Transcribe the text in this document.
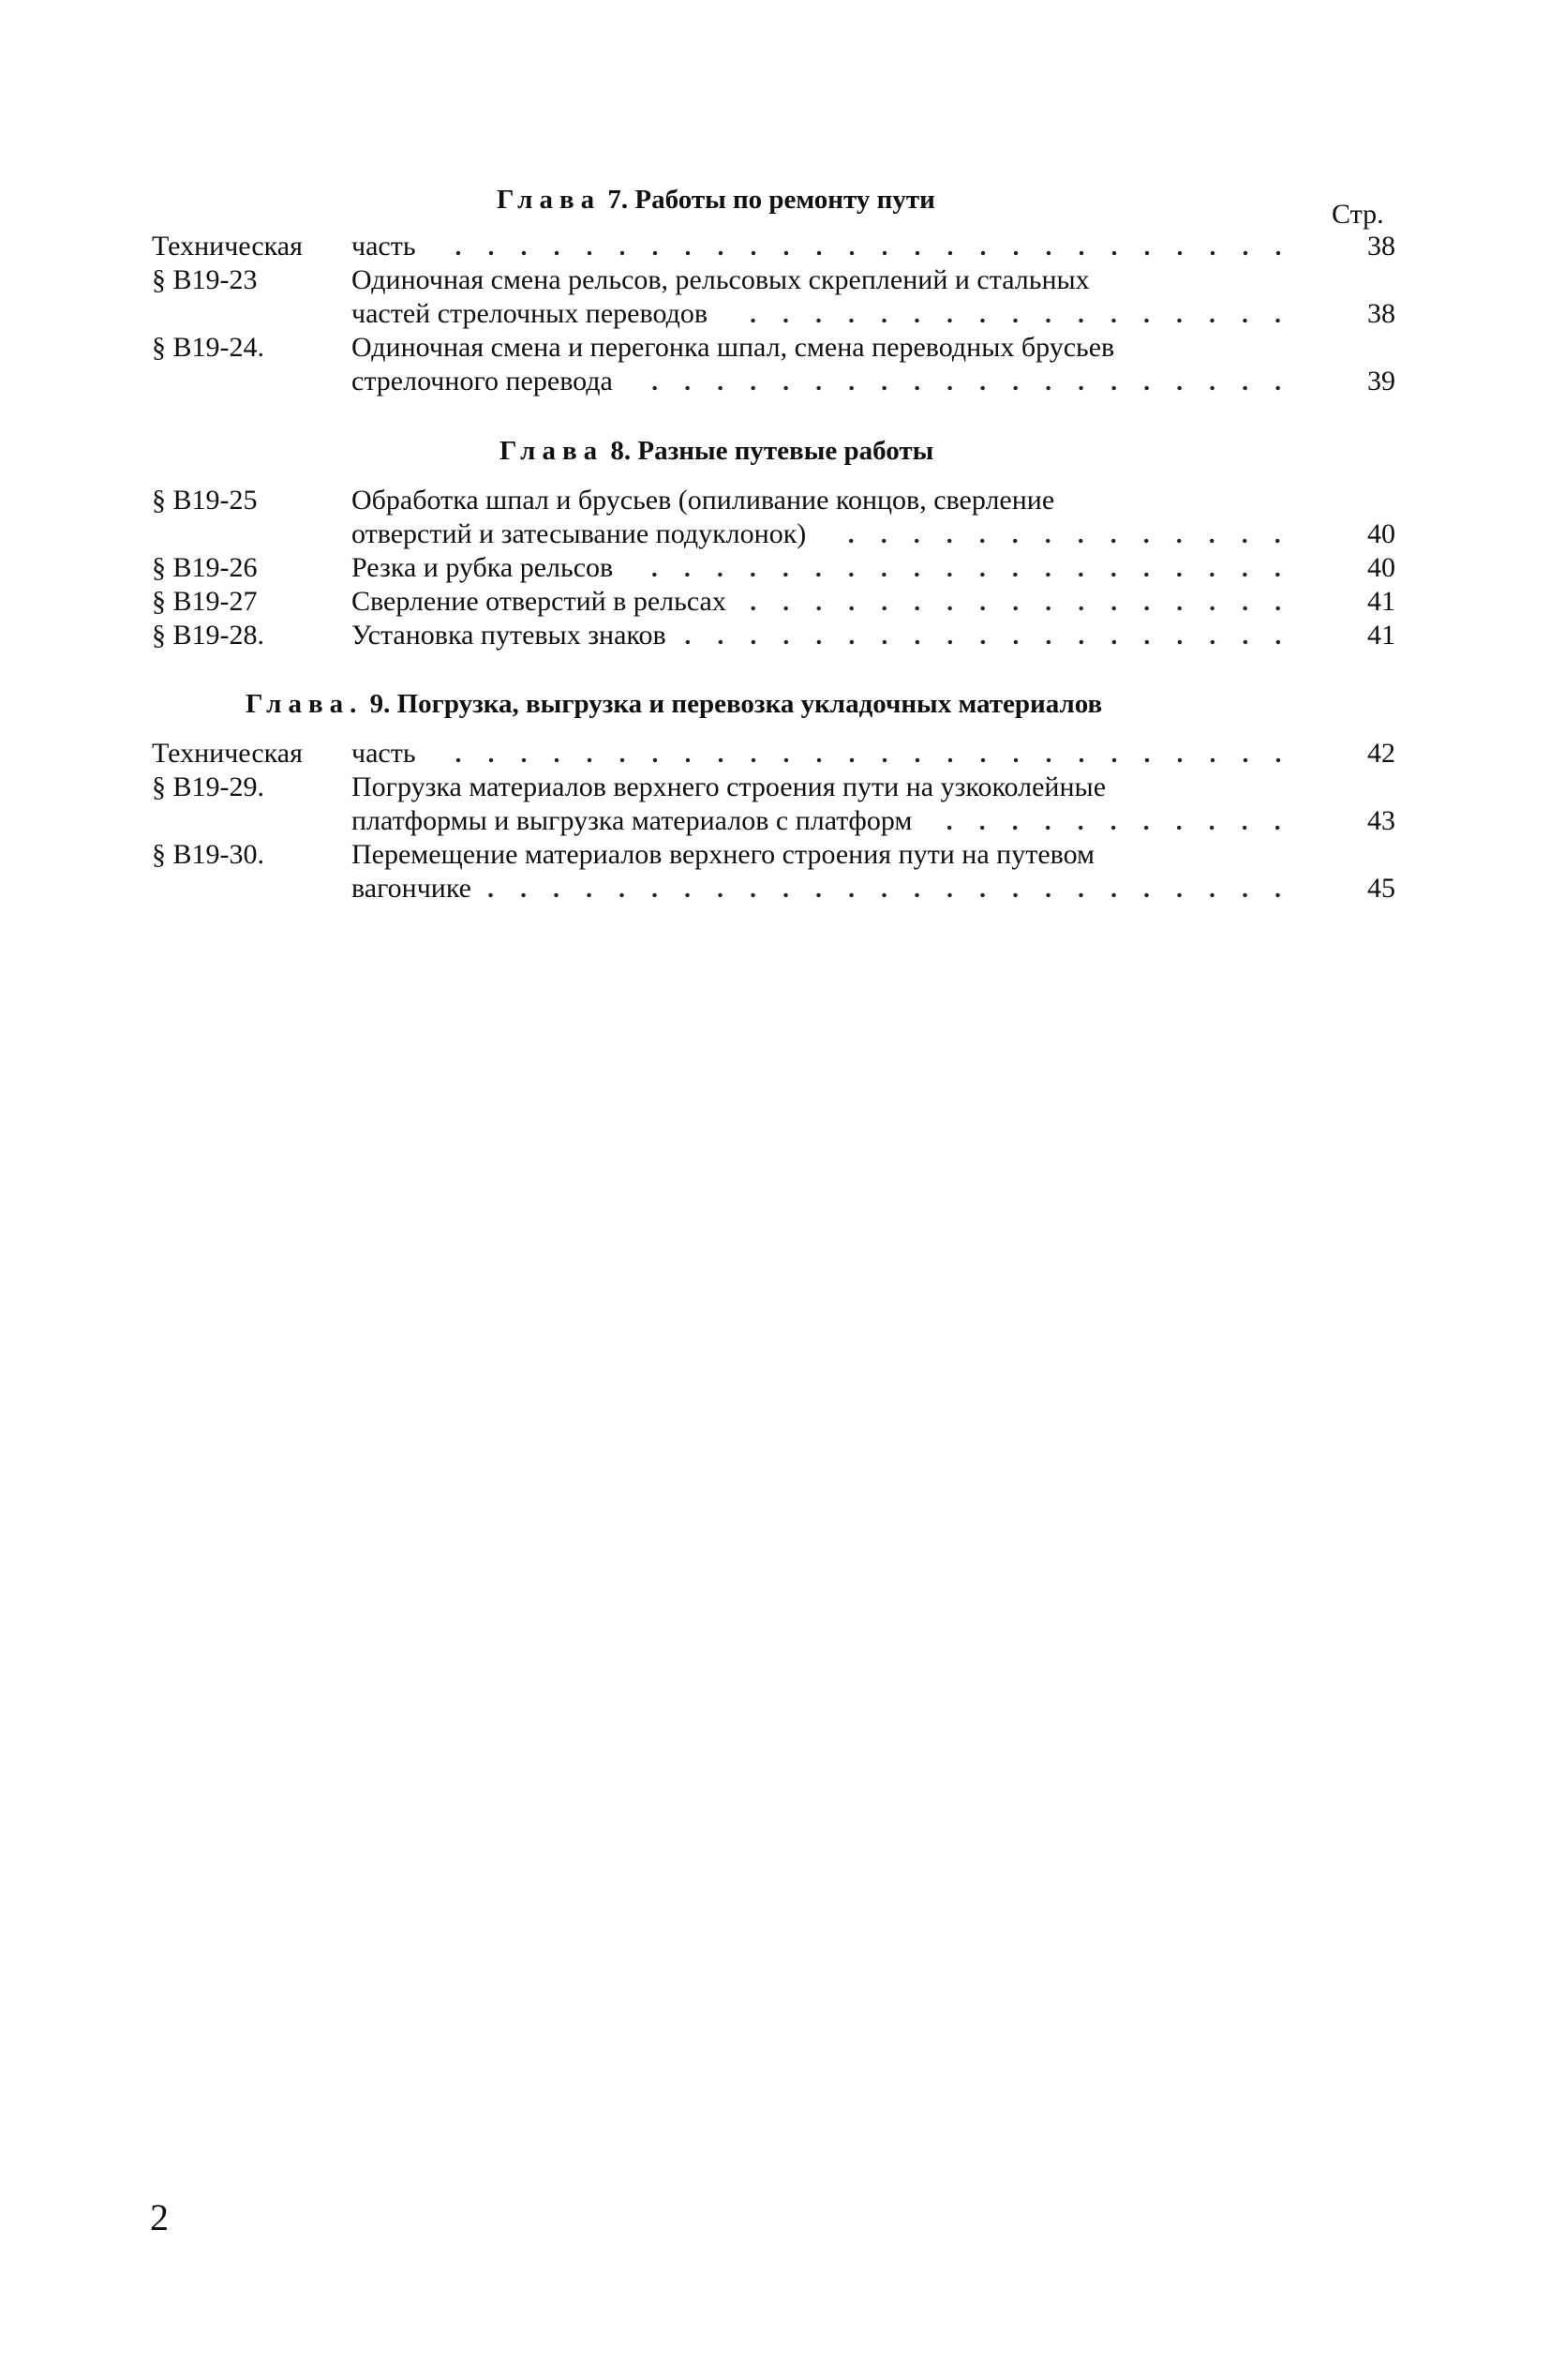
Глава 7. Работы по ремонту пути	Стр.
Техническая часть	38
§ В19-23	Одиночная смена рельсов, рельсовых скреплений и стальных
частей стрелочных переводов	38
§ В19-24.	Одиночная смена и перегонка шпал, смена переводных брусьев
стрелочного перевода	39
Глава 8. Разные путевые работы
§ В19-25	Обработка шпал и брусьев (опиливание концов, сверление
отверстий и затесывание подуклонок)	40
§ В19-26	Резка и рубка рельсов	40
§ В19-27	Сверление отверстий в рельсах	41
§ В19-28.	Установка путевых знаков	41
Глава. 9. Погрузка, выгрузка и перевозка укладочных материалов
Техническая часть	42
§ В19-29.	Погрузка материалов верхнего строения пути на узкоколейные
платформы и выгрузка материалов с платформ	43
§ В19-30.	Перемещение материалов верхнего строения пути на путевом
вагончике	45
2
